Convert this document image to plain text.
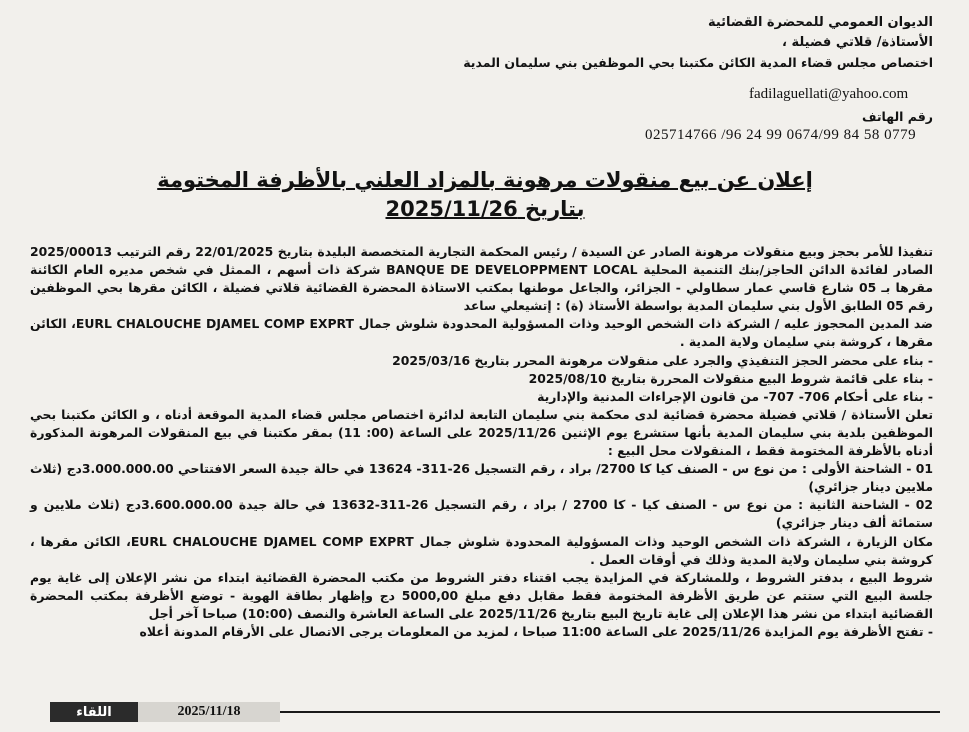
الديوان العمومي للمحضرة القضائية
الأستاذة/ قلاتي فضيلة ،
اختصاص مجلس قضاء المدية الكائن مكتبنا بحي الموظفين بني سليمان المدية
fadilaguellati@yahoo.com
رقم الهاتف
025714766 /96 24 99 0674/99 84 58 0779
إعلان عن بيع منقولات مرهونة بالمزاد العلني بالأظرفة المختومة
بتاريخ 2025/11/26

تنفيذا للأمر بحجز وبيع منقولات مرهونة الصادر عن السيدة / رئيس المحكمة التجارية المتخصصة البليدة بتاريخ 22/01/2025 رقم الترتيب 2025/00013 الصادر لفائدة الدائن الحاجز/بنك التنمية المحلية BANQUE DE DEVELOPPMENT LOCAL شركة ذات أسهم ، الممثل في شخص مديره العام الكائنة مقرها بـ 05 شارع قاسي عمار سطاولي - الجزائر، والجاعل موطنها بمكتب الاستاذة المحضرة القضائية قلاتي فضيلة ، الكائن مقرها بحي الموظفين رقم 05 الطابق الأول بني سليمان المدية بواسطة الأستاذ (ة) : إتشيعلي ساعد

ضد المدين المحجوز عليه / الشركة ذات الشخص الوحيد وذات المسؤولية المحدودة شلوش جمال EURL CHALOUCHE DJAMEL COMP EXPRT، الكائن مقرها ، كروشة بني سليمان ولاية المدية .

- بناء على محضر الحجز التنفيذي والجرد على منقولات مرهونة المحرر بتاريخ 2025/03/16

- بناء على قائمة شروط البيع منقولات المحررة بتاريخ 2025/08/10

- بناء على أحكام 706- 707- من قانون الإجراءات المدنية والإدارية

تعلن الأستاذة / قلاتي فضيلة محضرة قضائية لدى محكمة بني سليمان التابعة لدائرة اختصاص مجلس قضاء المدية الموقعة أدناه ، و الكائن مكتبنا بحي الموظفين بلدية بني سليمان المدية بأنها ستشرع يوم الإثنين 2025/11/26 على الساعة (00: 11) بمقر مكتبنا في بيع المنقولات المرهونة المذكورة أدناه بالأظرفة المختومة فقط ، المنقولات محل البيع :

01 - الشاحنة الأولى : من نوع س - الصنف كيا كا 2700/ براد ، رقم التسجيل 26-311- 13624 في حالة جيدة السعر الافتتاحي 3.000.000.00دج (ثلاث ملايين دينار جزائري)

02 - الشاحنة الثانية : من نوع س - الصنف كيا - كا 2700 / براد ، رقم التسجيل 26-311-13632 في حالة جيدة 3.600.000.00دج (ثلاث ملايين و ستمائة ألف دينار جزائري)

مكان الزيارة ، الشركة ذات الشخص الوحيد وذات المسؤولية المحدودة شلوش جمال EURL CHALOUCHE DJAMEL COMP EXPRT، الكائن مقرها ، كروشة بني سليمان ولاية المدية وذلك في أوقات العمل .

شروط البيع ، بدفتر الشروط ، وللمشاركة في المزايدة يجب اقتناء دفتر الشروط من مكتب المحضرة القضائية ابتداء من نشر الإعلان إلى غاية يوم جلسة البيع التي ستتم عن طريق الأظرفة المختومة فقط مقابل دفع مبلغ 5000,00 دج وإظهار بطاقة الهوية - توضع الأظرفة بمكتب المحضرة القضائية ابتداء من نشر هذا الإعلان إلى غاية تاريخ البيع بتاريخ 2025/11/26 على الساعة العاشرة والنصف (10:00) صباحا آخر أجل

- تفتح الأظرفة يوم المزايدة 2025/11/26 على الساعة 11:00 صباحا ، لمزيد من المعلومات يرجى الاتصال على الأرقام المدونة أعلاه

اللقاء	2025/11/18
